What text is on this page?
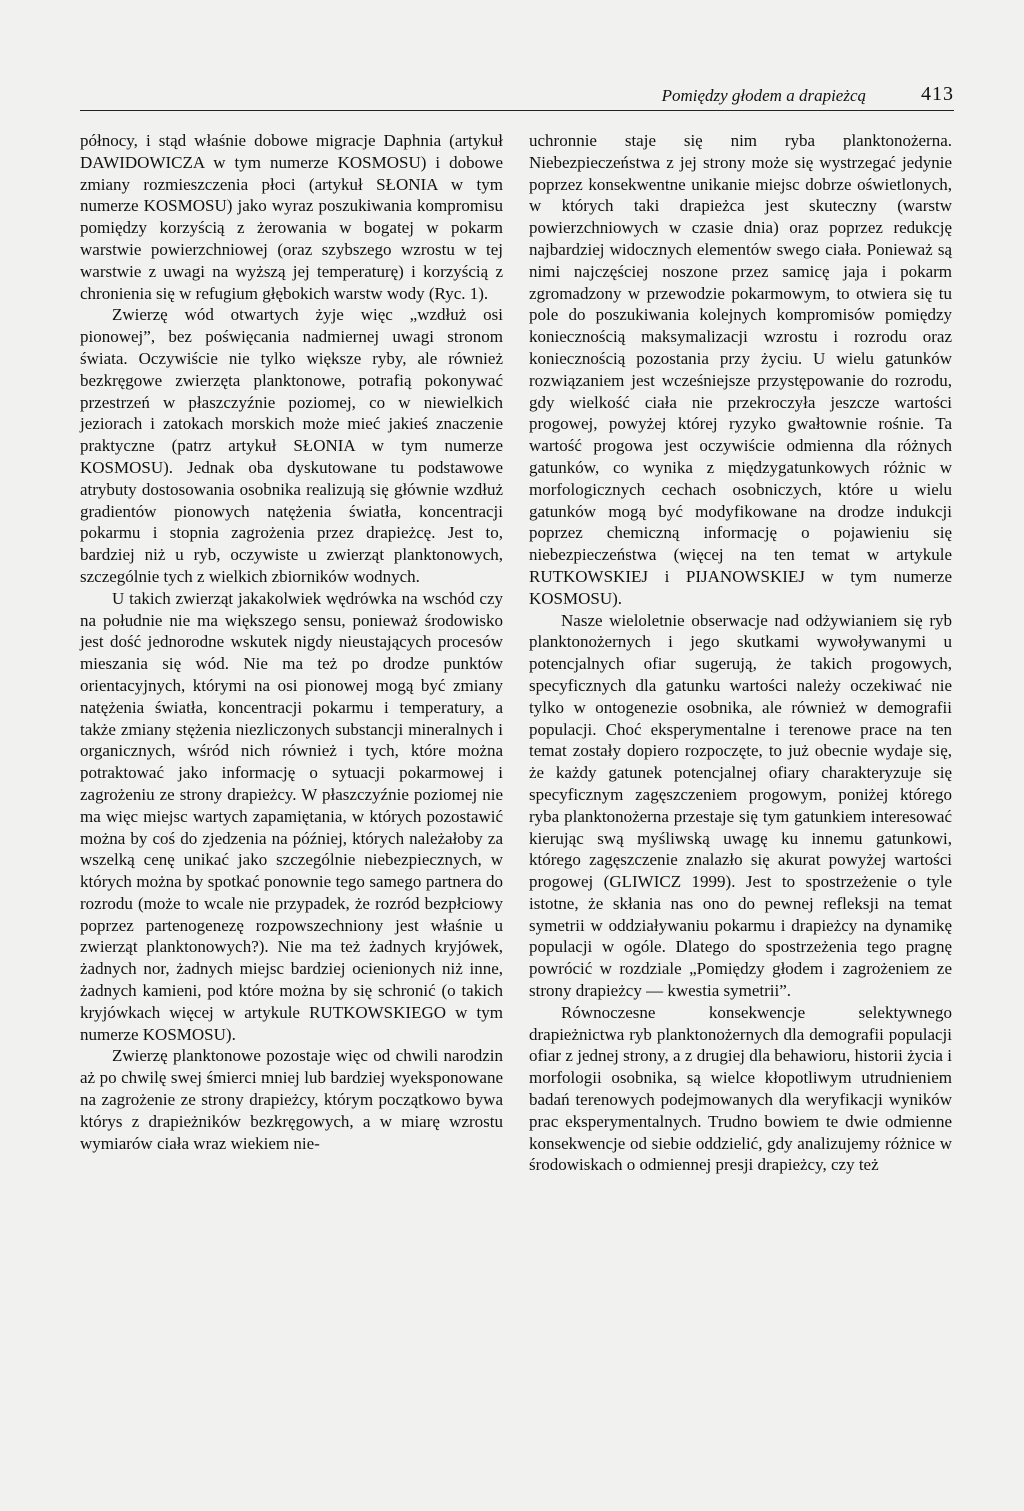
Pomiędzy głodem a drapieżcą	413

północy, i stąd właśnie dobowe migracje Daphnia (artykuł DAWIDOWICZA w tym numerze KOSMOSU) i dobowe zmiany rozmieszczenia płoci (artykuł SŁONIA w tym numerze KOSMOSU) jako wyraz poszukiwania kompromisu pomiędzy korzyścią z żerowania w bogatej w pokarm warstwie powierzchniowej (oraz szybszego wzrostu w tej warstwie z uwagi na wyższą jej temperaturę) i korzyścią z chronienia się w refugium głębokich warstw wody (Ryc. 1).

Zwierzę wód otwartych żyje więc „wzdłuż osi pionowej”, bez poświęcania nadmiernej uwagi stronom świata. Oczywiście nie tylko większe ryby, ale również bezkręgowe zwierzęta planktonowe, potrafią pokonywać przestrzeń w płaszczyźnie poziomej, co w niewielkich jeziorach i zatokach morskich może mieć jakieś znaczenie praktyczne (patrz artykuł SŁONIA w tym numerze KOSMOSU). Jednak oba dyskutowane tu podstawowe atrybuty dostosowania osobnika realizują się głównie wzdłuż gradientów pionowych natężenia światła, koncentracji pokarmu i stopnia zagrożenia przez drapieżcę. Jest to, bardziej niż u ryb, oczywiste u zwierząt planktonowych, szczególnie tych z wielkich zbiorników wodnych.

U takich zwierząt jakakolwiek wędrówka na wschód czy na południe nie ma większego sensu, ponieważ środowisko jest dość jednorodne wskutek nigdy nieustających procesów mieszania się wód. Nie ma też po drodze punktów orientacyjnych, którymi na osi pionowej mogą być zmiany natężenia światła, koncentracji pokarmu i temperatury, a także zmiany stężenia niezliczonych substancji mineralnych i organicznych, wśród nich również i tych, które można potraktować jako informację o sytuacji pokarmowej i zagrożeniu ze strony drapieżcy. W płaszczyźnie poziomej nie ma więc miejsc wartych zapamiętania, w których pozostawić można by coś do zjedzenia na później, których należałoby za wszelką cenę unikać jako szczególnie niebezpiecznych, w których można by spotkać ponownie tego samego partnera do rozrodu (może to wcale nie przypadek, że rozród bezpłciowy poprzez partenogenezę rozpowszechniony jest właśnie u zwierząt planktonowych?). Nie ma też żadnych kryjówek, żadnych nor, żadnych miejsc bardziej ocienionych niż inne, żadnych kamieni, pod które można by się schronić (o takich kryjówkach więcej w artykule RUTKOWSKIEGO w tym numerze KOSMOSU).

Zwierzę planktonowe pozostaje więc od chwili narodzin aż po chwilę swej śmierci mniej lub bardziej wyeksponowane na zagrożenie ze strony drapieżcy, którym początkowo bywa którys z drapieżników bezkręgowych, a w miarę wzrostu wymiarów ciała wraz wiekiem nie-

uchronnie staje się nim ryba planktonożerna. Niebezpieczeństwa z jej strony może się wystrzegać jedynie poprzez konsekwentne unikanie miejsc dobrze oświetlonych, w których taki drapieżca jest skuteczny (warstw powierzchniowych w czasie dnia) oraz poprzez redukcję najbardziej widocznych elementów swego ciała. Ponieważ są nimi najczęściej noszone przez samicę jaja i pokarm zgromadzony w przewodzie pokarmowym, to otwiera się tu pole do poszukiwania kolejnych kompromisów pomiędzy koniecznością maksymalizacji wzrostu i rozrodu oraz koniecznością pozostania przy życiu. U wielu gatunków rozwiązaniem jest wcześniejsze przystępowanie do rozrodu, gdy wielkość ciała nie przekroczyła jeszcze wartości progowej, powyżej której ryzyko gwałtownie rośnie. Ta wartość progowa jest oczywiście odmienna dla różnych gatunków, co wynika z międzygatunkowych różnic w morfologicznych cechach osobniczych, które u wielu gatunków mogą być modyfikowane na drodze indukcji poprzez chemiczną informację o pojawieniu się niebezpieczeństwa (więcej na ten temat w artykule RUTKOWSKIEJ i PIJANOWSKIEJ w tym numerze KOSMOSU).

Nasze wieloletnie obserwacje nad odżywianiem się ryb planktonożernych i jego skutkami wywoływanymi u potencjalnych ofiar sugerują, że takich progowych, specyficznych dla gatunku wartości należy oczekiwać nie tylko w ontogenezie osobnika, ale również w demografii populacji. Choć eksperymentalne i terenowe prace na ten temat zostały dopiero rozpoczęte, to już obecnie wydaje się, że każdy gatunek potencjalnej ofiary charakteryzuje się specyficznym zagęszczeniem progowym, poniżej którego ryba planktonożerna przestaje się tym gatunkiem interesować kierując swą myśliwską uwagę ku innemu gatunkowi, którego zagęszczenie znalazło się akurat powyżej wartości progowej (GLIWICZ 1999). Jest to spostrzeżenie o tyle istotne, że skłania nas ono do pewnej refleksji na temat symetrii w oddziaływaniu pokarmu i drapieżcy na dynamikę populacji w ogóle. Dlatego do spostrzeżenia tego pragnę powrócić w rozdziale „Pomiędzy głodem i zagrożeniem ze strony drapieżcy — kwestia symetrii”.

Równoczesne konsekwencje selektywnego drapieżnictwa ryb planktonożernych dla demografii populacji ofiar z jednej strony, a z drugiej dla behawioru, historii życia i morfologii osobnika, są wielce kłopotliwym utrudnieniem badań terenowych podejmowanych dla weryfikacji wyników prac eksperymentalnych. Trudno bowiem te dwie odmienne konsekwencje od siebie oddzielić, gdy analizujemy różnice w środowiskach o odmiennej presji drapieżcy, czy też
